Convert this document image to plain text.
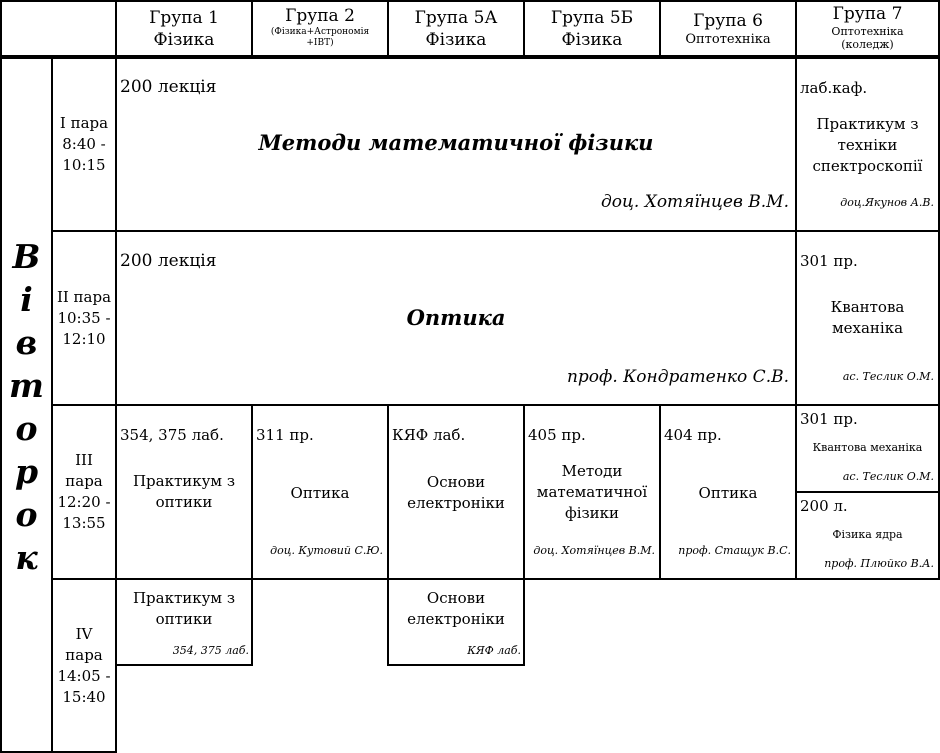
Група 1
Фізика
Група 2
(Фізика+Астрономія
+ІВТ)
Група 5А
Фізика
Група 5Б
Фізика
Група 6
Оптотехніка
Група 7
Оптотехніка
(коледж)
В
і
в
т
о
р
о
к
I пара
8:40 -
10:15
II пара
10:35 -
12:10
III
пара
12:20 -
13:55
IV
пара
14:05 -
15:40
200 лекція
Методи математичної фізики
доц. Хотяїнцев В.М.
лаб.каф.
Практикум з
техніки
спектроскопії
доц.Якунов А.В.
200 лекція
Оптика
проф. Кондратенко С.В.
301 пр.
Квантова
механіка
ас. Теслик О.М.
354, 375 лаб.
Практикум з
оптики
311 пр.
Оптика
доц. Кутовий С.Ю.
КЯФ лаб.
Основи
електроніки
405 пр.
Методи
математичної
фізики
доц. Хотяїнцев В.М.
404 пр.
Оптика
проф. Стащук В.С.
301 пр.
Квантова механіка
ас. Теслик О.М.
200 л.
Фізика ядра
проф. Плюйко В.А.
Практикум з
оптики
354, 375 лаб.
Основи
електроніки
КЯФ лаб.
